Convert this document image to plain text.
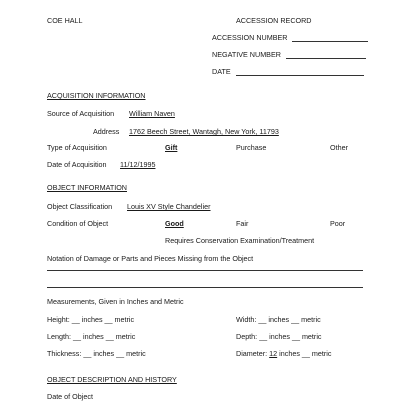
COE HALL	ACCESSION RECORD
ACCESSION NUMBER
NEGATIVE NUMBER
DATE
ACQUISITION INFORMATION
Source of Acquisition William Naven
Address 1762 Beech Street, Wantagh, New York, 11793
Type of Acquisition	Gift	Purchase	Other
Date of Acquisition 11/12/1995
OBJECT INFORMATION
Object Classification Louis XV Style Chandelier
Condition of Object	Good	Fair	Poor
Requires Conservation Examination/Treatment
Notation of Damage or Parts and Pieces Missing from the Object
Measurements, Given in Inches and Metric
Height: __ inches __ metric	Width: __ inches __ metric
Length: __ inches __ metric	Depth: __ inches __ metric
Thickness: __ inches __ metric	Diameter: 12 inches __ metric
OBJECT DESCRIPTION AND HISTORY
Date of Object
